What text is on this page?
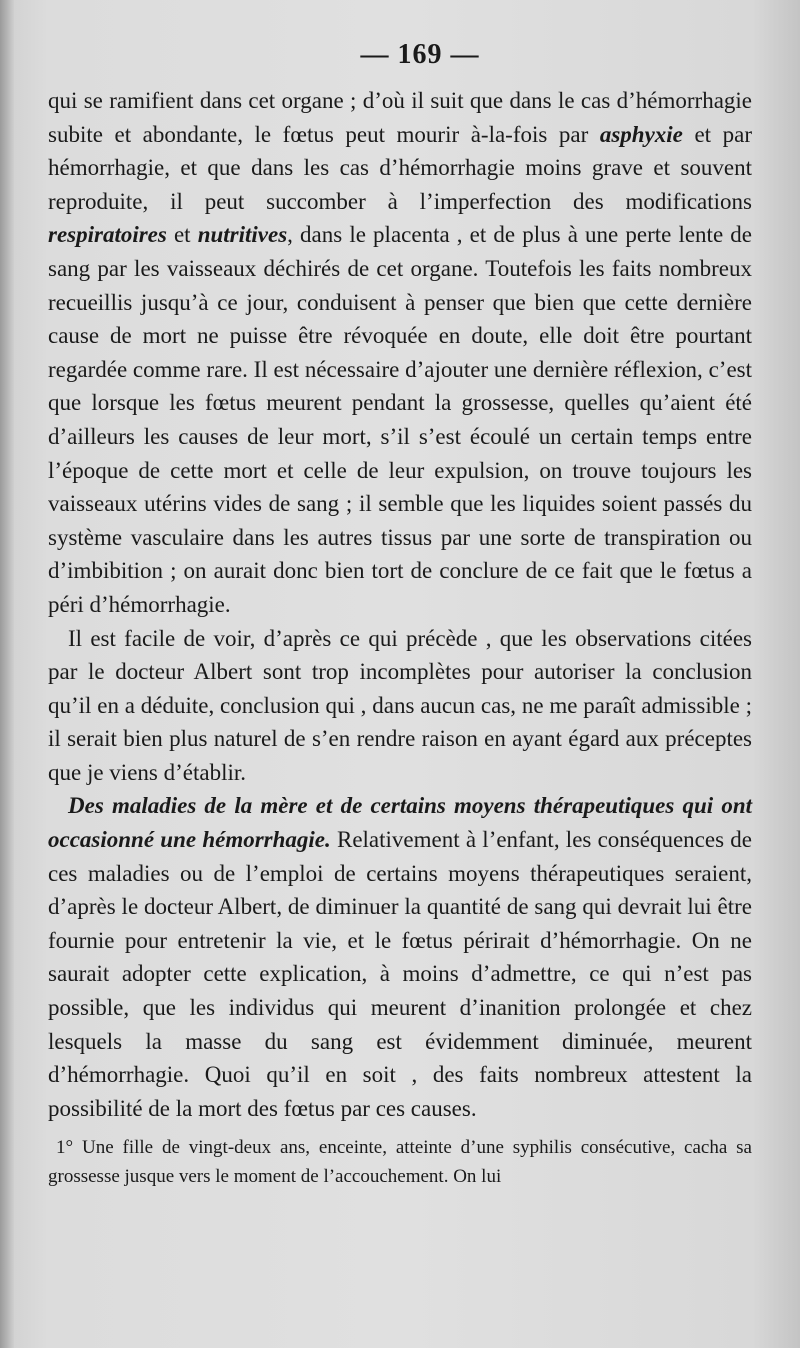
— 169 —

qui se ramifient dans cet organe ; d’où il suit que dans le cas d’hémorrhagie subite et abondante, le fœtus peut mourir à-la-fois par asphyxie et par hémorrhagie, et que dans les cas d’hémorrhagie moins grave et souvent reproduite, il peut succomber à l’imperfection des modifications respiratoires et nutritives, dans le placenta , et de plus à une perte lente de sang par les vaisseaux déchirés de cet organe. Toutefois les faits nombreux recueillis jusqu’à ce jour, conduisent à penser que bien que cette dernière cause de mort ne puisse être révoquée en doute, elle doit être pourtant regardée comme rare. Il est nécessaire d’ajouter une dernière réflexion, c’est que lorsque les fœtus meurent pendant la grossesse, quelles qu’aient été d’ailleurs les causes de leur mort, s’il s’est écoulé un certain temps entre l’époque de cette mort et celle de leur expulsion, on trouve toujours les vaisseaux utérins vides de sang ; il semble que les liquides soient passés du système vasculaire dans les autres tissus par une sorte de transpiration ou d’imbibition ; on aurait donc bien tort de conclure de ce fait que le fœtus a péri d’hémorrhagie.

Il est facile de voir, d’après ce qui précède , que les observations citées par le docteur Albert sont trop incomplètes pour autoriser la conclusion qu’il en a déduite, conclusion qui , dans aucun cas, ne me paraît admissible ; il serait bien plus naturel de s’en rendre raison en ayant égard aux préceptes que je viens d’établir.

Des maladies de la mère et de certains moyens thérapeutiques qui ont occasionné une hémorrhagie. Relativement à l’enfant, les conséquences de ces maladies ou de l’emploi de certains moyens thérapeutiques seraient, d’après le docteur Albert, de diminuer la quantité de sang qui devrait lui être fournie pour entretenir la vie, et le fœtus périrait d’hémorrhagie. On ne saurait adopter cette explication, à moins d’admettre, ce qui n’est pas possible, que les individus qui meurent d’inanition prolongée et chez lesquels la masse du sang est évidemment diminuée, meurent d’hémorrhagie. Quoi qu’il en soit , des faits nombreux attestent la possibilité de la mort des fœtus par ces causes.

1° Une fille de vingt-deux ans, enceinte, atteinte d’une syphilis consécutive, cacha sa grossesse jusque vers le moment de l’accouchement. On lui
